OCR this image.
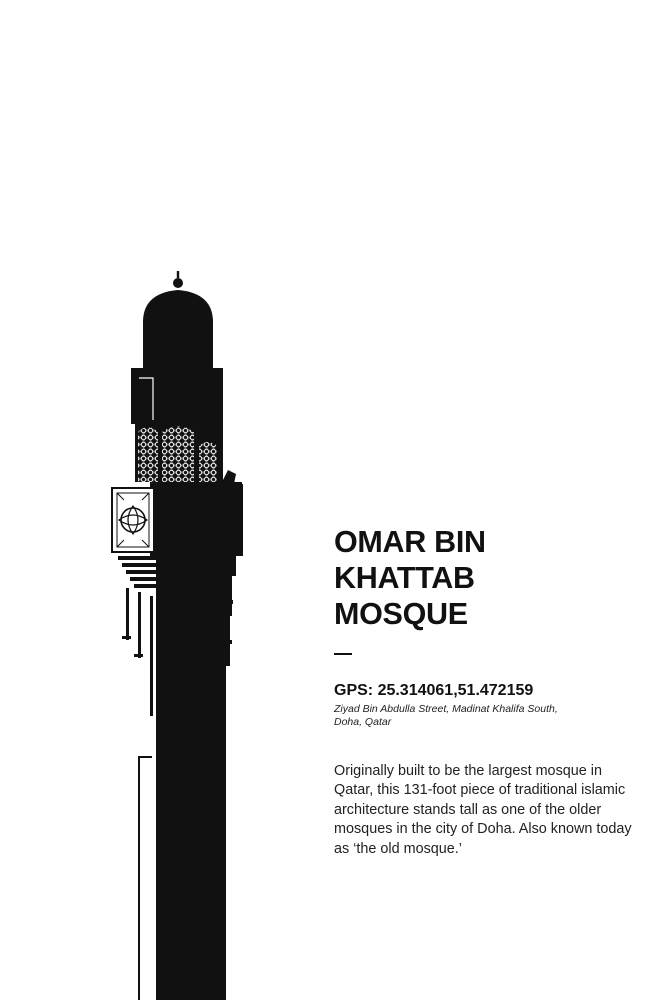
OMAR BIN
KHATTAB
MOSQUE
GPS: 25.314061,51.472159
Ziyad Bin Abdulla Street, Madinat Khalifa South, Doha, Qatar

Originally built to be the largest mosque in Qatar, this 131-foot piece of traditional islamic architecture stands tall as one of the older mosques in the city of Doha. Also known today as ‘the old mosque.’
